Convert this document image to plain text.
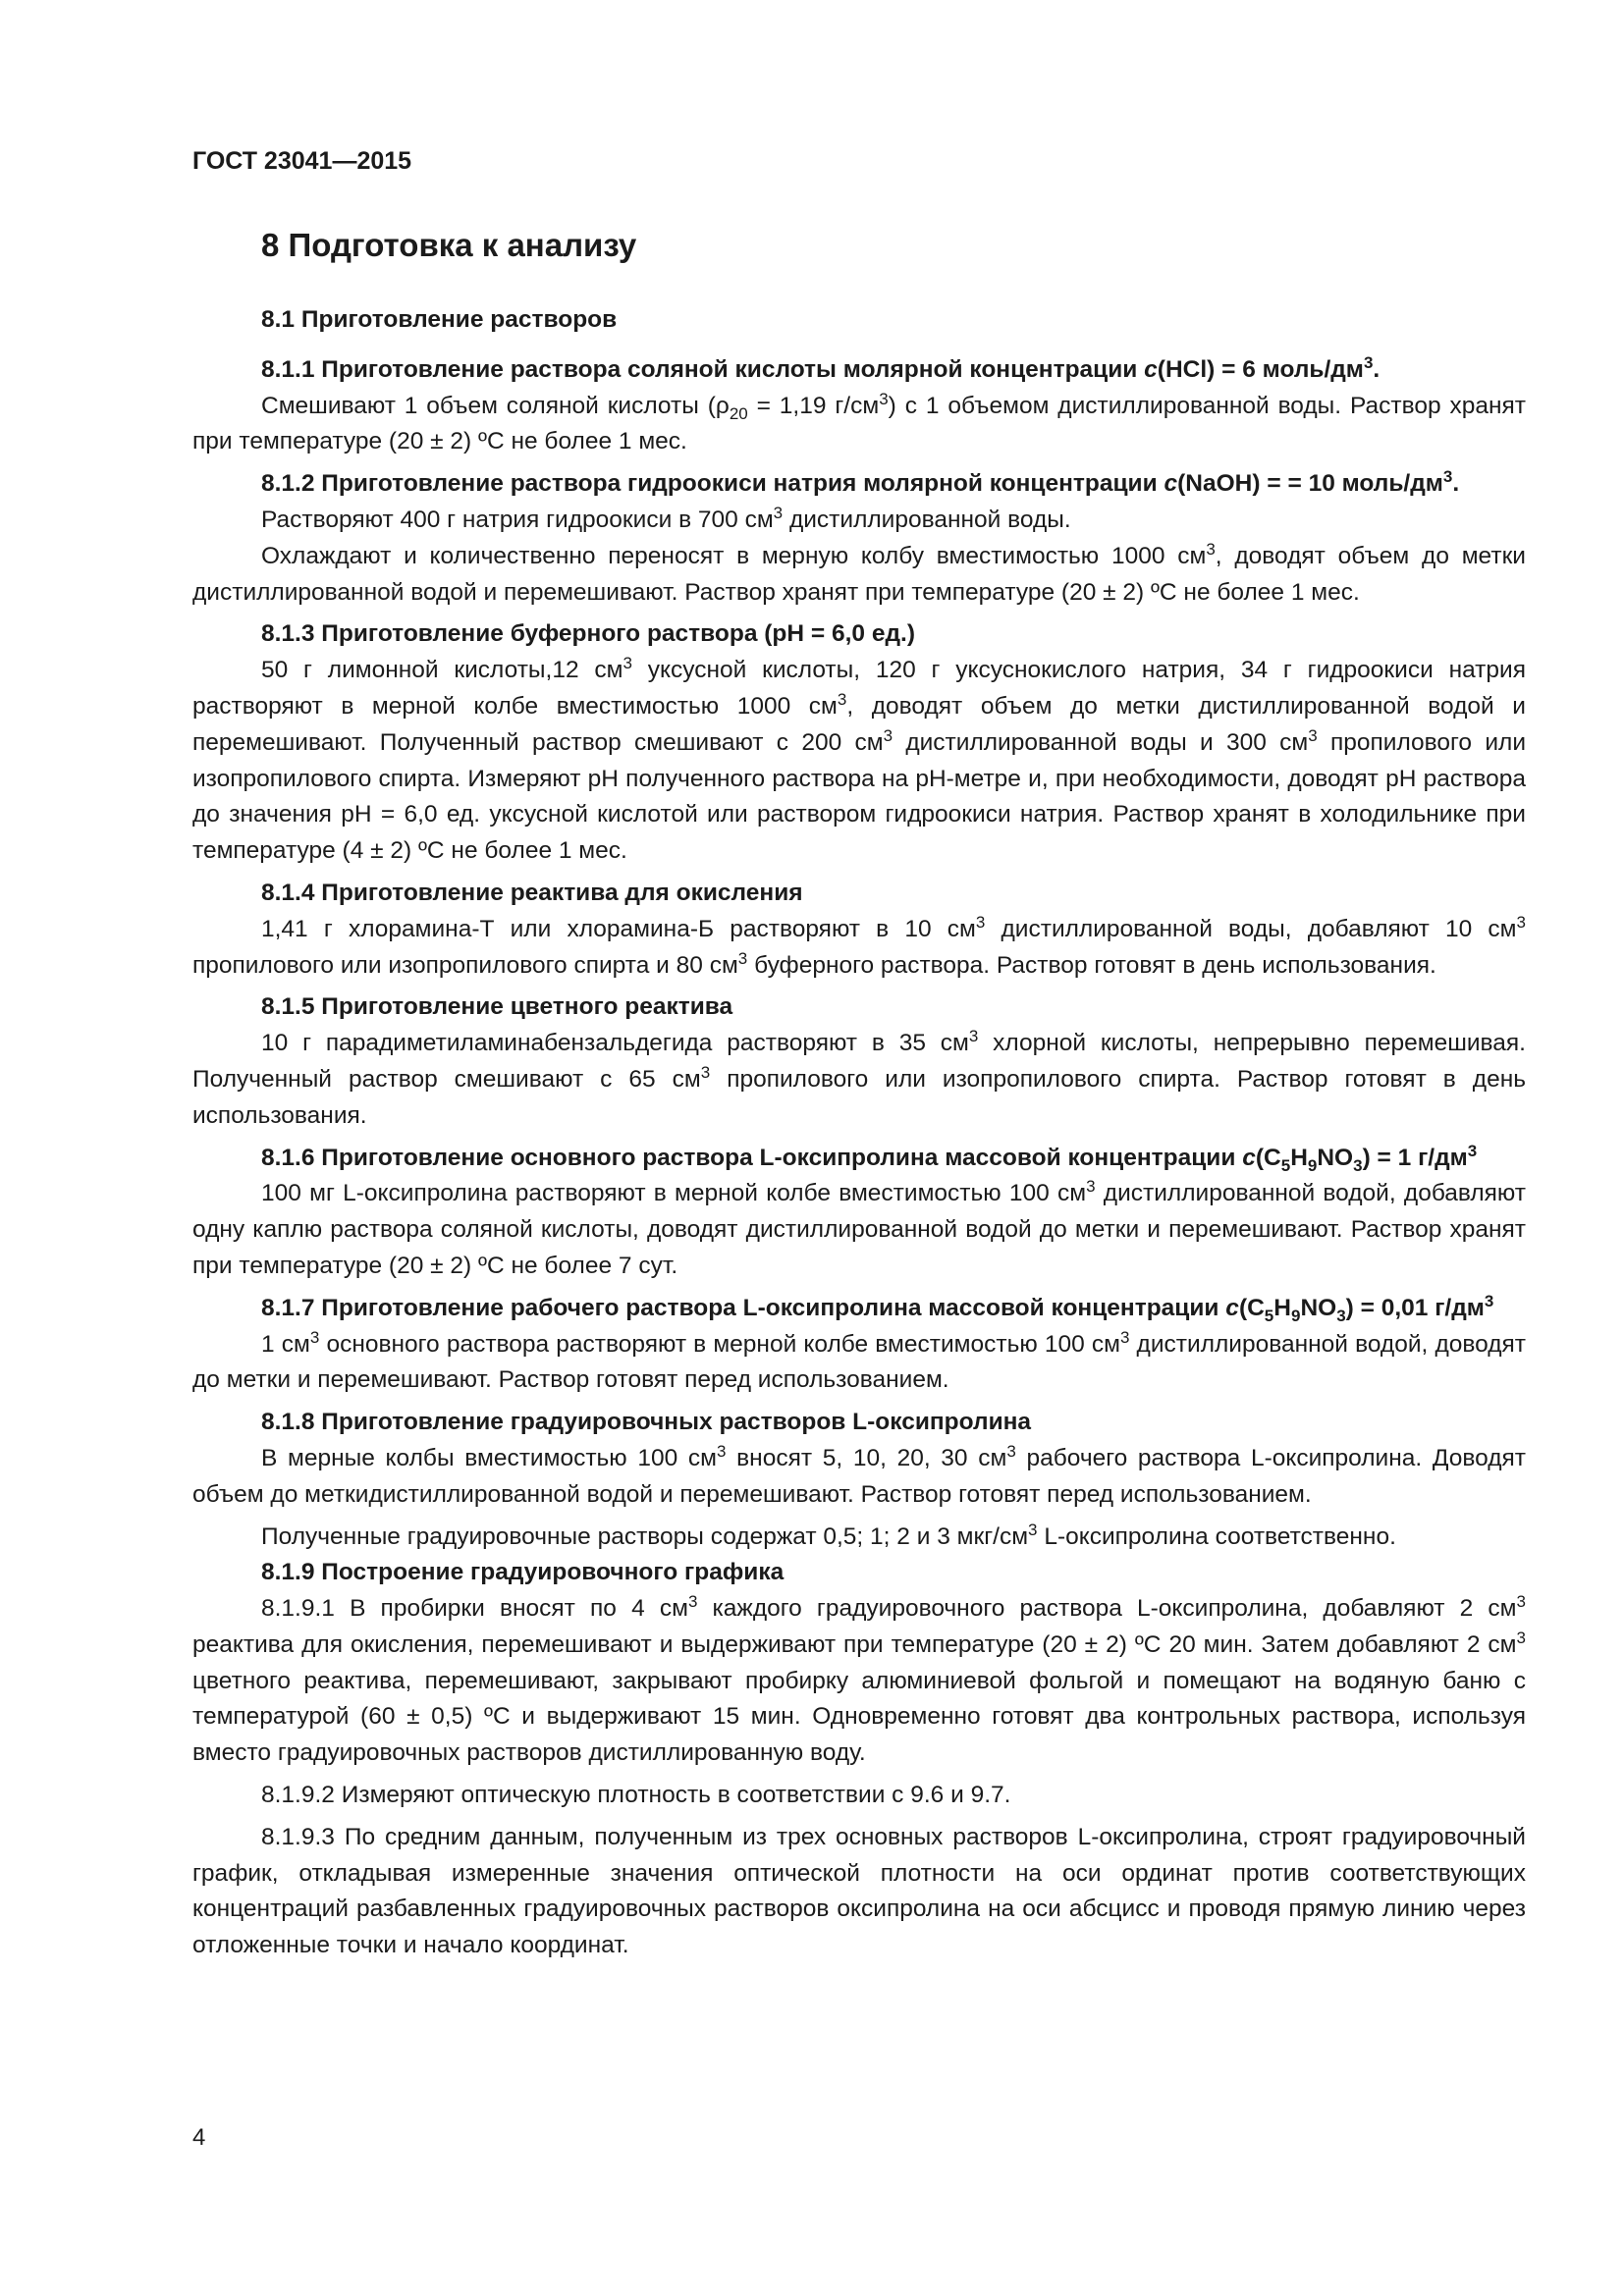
ГОСТ 23041—2015

8 Подготовка к анализу

8.1 Приготовление растворов

8.1.1 Приготовление раствора соляной кислоты молярной концентрации c(HCl) = 6 моль/$дм^3$.

Смешивают 1 объем соляной кислоты ($\rho_{20} = 1,19$ $г/см^3$) с 1 объемом дистиллированной воды. Раствор хранят при температуре (20 ± 2) ºС не более 1 мес.

8.1.2 Приготовление раствора гидроокиси натрия молярной концентрации c(NaOH) = = 10 моль/$дм^3$.

Растворяют 400 г натрия гидроокиси в 700 $см^3$ дистиллированной воды.

Охлаждают и количественно переносят в мерную колбу вместимостью 1000 $см^3$, доводят объем до метки дистиллированной водой и перемешивают. Раствор хранят при температуре (20 ± 2) ºС не более 1 мес.

8.1.3 Приготовление буферного раствора (рН = 6,0 ед.)

50 г лимонной кислоты,12 $см^3$ уксусной кислоты, 120 г уксуснокислого натрия, 34 г гидроокиси натрия растворяют в мерной колбе вместимостью 1000 $см^3$, доводят объем до метки дистиллированной водой и перемешивают. Полученный раствор смешивают с 200 $см^3$ дистиллированной воды и 300 $см^3$ пропилового или изопропилового спирта. Измеряют рН полученного раствора на рН-метре и, при необходимости, доводят рН раствора до значения рН = 6,0 ед. уксусной кислотой или раствором гидроокиси натрия. Раствор хранят в холодильнике при температуре (4 ± 2) ºС не более 1 мес.

8.1.4 Приготовление реактива для окисления

1,41 г хлорамина-Т или хлорамина-Б растворяют в 10 $см^3$ дистиллированной воды, добавляют 10 $см^3$ пропилового или изопропилового спирта и 80 $см^3$ буферного раствора. Раствор готовят в день использования.

8.1.5 Приготовление цветного реактива

10 г парадиметиламинабензальдегида растворяют в 35 $см^3$ хлорной кислоты, непрерывно перемешивая. Полученный раствор смешивают с 65 $см^3$ пропилового или изопропилового спирта. Раствор готовят в день использования.

8.1.6 Приготовление основного раствора L-оксипролина массовой концентрации $c(C_5H_9NO_3) = 1$ $г/дм^3$

100 мг L-оксипролина растворяют в мерной колбе вместимостью 100 $см^3$ дистиллированной водой, добавляют одну каплю раствора соляной кислоты, доводят дистиллированной водой до метки и перемешивают. Раствор хранят при температуре (20 ± 2) ºС не более 7 сут.

8.1.7 Приготовление рабочего раствора L-оксипролина массовой концентрации $c(C_5H_9NO_3) = 0,01$ $г/дм^3$

1 $см^3$ основного раствора растворяют в мерной колбе вместимостью 100 $см^3$ дистиллированной водой, доводят до метки и перемешивают. Раствор готовят перед использованием.

8.1.8 Приготовление градуировочных растворов L-оксипролина

В мерные колбы вместимостью 100 $см^3$ вносят 5, 10, 20, 30 $см^3$ рабочего раствора L-оксипролина. Доводят объем до меткидистиллированной водой и перемешивают. Раствор готовят перед использованием.

Полученные градуировочные растворы содержат 0,5; 1; 2 и 3 мкг/$см^3$ L-оксипролина соответственно.

8.1.9 Построение градуировочного графика

8.1.9.1 В пробирки вносят по 4 $см^3$ каждого градуировочного раствора L-оксипролина, добавляют 2 $см^3$ реактива для окисления, перемешивают и выдерживают при температуре (20 ± 2) ºС 20 мин. Затем добавляют 2 $см^3$ цветного реактива, перемешивают, закрывают пробирку алюминиевой фольгой и помещают на водяную баню с температурой (60 ± 0,5) ºС и выдерживают 15 мин. Одновременно готовят два контрольных раствора, используя вместо градуировочных растворов дистиллированную воду.

8.1.9.2 Измеряют оптическую плотность в соответствии с 9.6 и 9.7.

8.1.9.3 По средним данным, полученным из трех основных растворов L-оксипролина, строят градуировочный график, откладывая измеренные значения оптической плотности на оси ординат против соответствующих концентраций разбавленных градуировочных растворов оксипролина на оси абсцисс и проводя прямую линию через отложенные точки и начало координат.

4
